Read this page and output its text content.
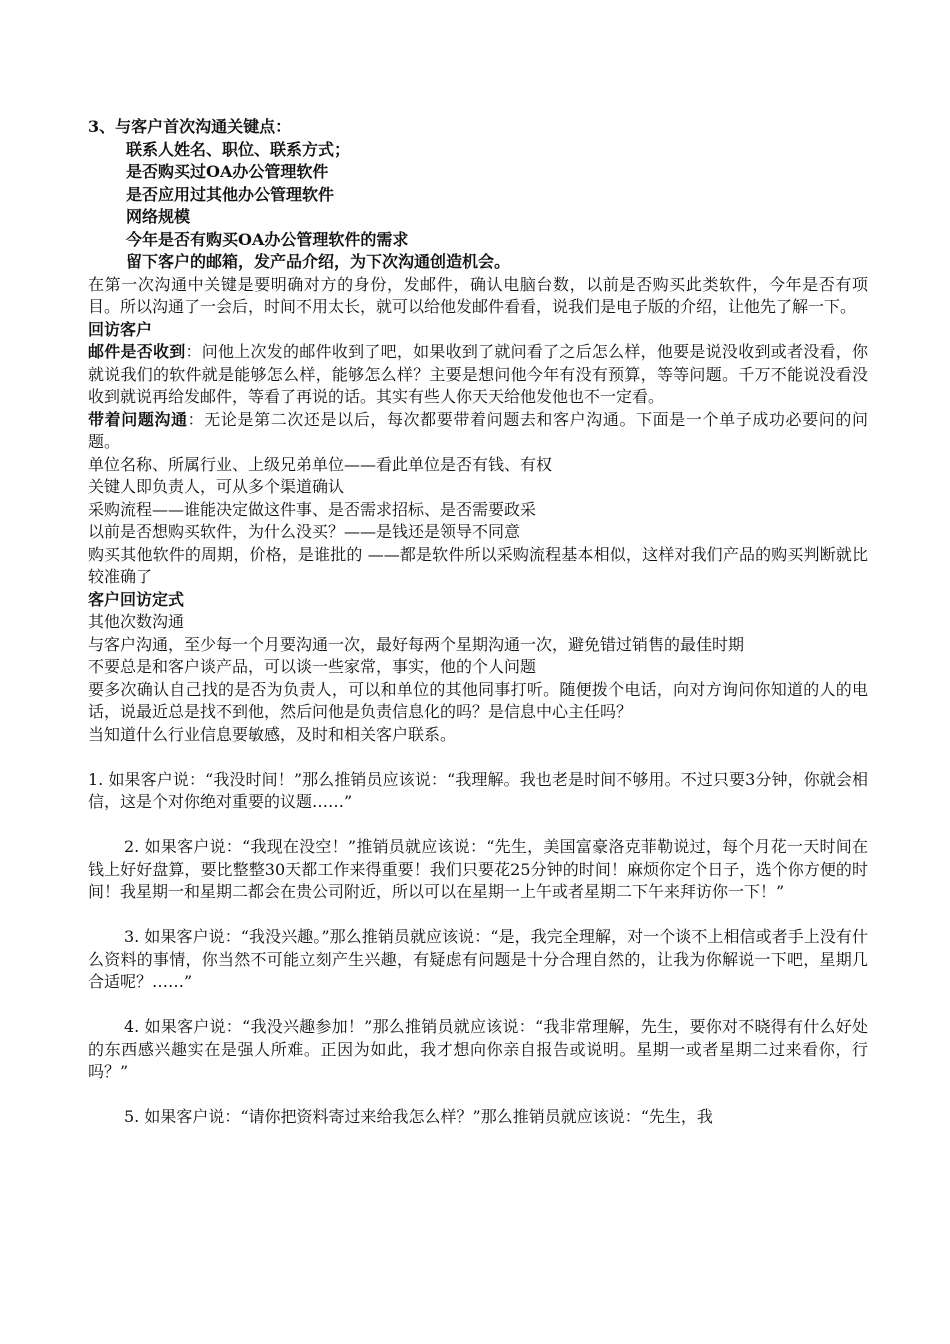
3、与客户首次沟通关键点：
联系人姓名、职位、联系方式；
是否购买过OA办公管理软件
是否应用过其他办公管理软件
网络规模
今年是否有购买OA办公管理软件的需求
留下客户的邮箱，发产品介绍，为下次沟通创造机会。
在第一次沟通中关键是要明确对方的身份，发邮件，确认电脑台数，以前是否购买此类软件，今年是否有项目。所以沟通了一会后，时间不用太长，就可以给他发邮件看看，说我们是电子版的介绍，让他先了解一下。
回访客户
邮件是否收到：问他上次发的邮件收到了吧，如果收到了就问看了之后怎么样，他要是说没收到或者没看，你就说我们的软件就是能够怎么样，能够怎么样？主要是想问他今年有没有预算，等等问题。千万不能说没看没收到就说再给发邮件，等看了再说的话。其实有些人你天天给他发他也不一定看。
带着问题沟通：无论是第二次还是以后，每次都要带着问题去和客户沟通。下面是一个单子成功必要问的问题。
单位名称、所属行业、上级兄弟单位——看此单位是否有钱、有权
关键人即负责人，可从多个渠道确认
采购流程——谁能决定做这件事、是否需求招标、是否需要政采
以前是否想购买软件，为什么没买？——是钱还是领导不同意
购买其他软件的周期，价格，是谁批的 ——都是软件所以采购流程基本相似，这样对我们产品的购买判断就比较准确了
客户回访定式
其他次数沟通
与客户沟通，至少每一个月要沟通一次，最好每两个星期沟通一次，避免错过销售的最佳时期
不要总是和客户谈产品，可以谈一些家常，事实，他的个人问题
要多次确认自己找的是否为负责人，可以和单位的其他同事打听。随便拨个电话，向对方询问你知道的人的电话，说最近总是找不到他，然后问他是负责信息化的吗？是信息中心主任吗？
当知道什么行业信息要敏感，及时和相关客户联系。
1. 如果客户说：“我没时间！”那么推销员应该说：“我理解。我也老是时间不够用。不过只要3分钟，你就会相信，这是个对你绝对重要的议题……”
2. 如果客户说：“我现在没空！”推销员就应该说：“先生，美国富豪洛克菲勒说过，每个月花一天时间在钱上好好盘算，要比整整30天都工作来得重要！我们只要花25分钟的时间！麻烦你定个日子，选个你方便的时间！我星期一和星期二都会在贵公司附近，所以可以在星期一上午或者星期二下午来拜访你一下！”
3. 如果客户说：“我没兴趣。”那么推销员就应该说：“是，我完全理解，对一个谈不上相信或者手上没有什么资料的事情，你当然不可能立刻产生兴趣，有疑虑有问题是十分合理自然的，让我为你解说一下吧，星期几合适呢？……”
4. 如果客户说：“我没兴趣参加！”那么推销员就应该说：“我非常理解，先生，要你对不晓得有什么好处的东西感兴趣实在是强人所难。正因为如此，我才想向你亲自报告或说明。星期一或者星期二过来看你，行吗？”
5. 如果客户说：“请你把资料寄过来给我怎么样？”那么推销员就应该说：“先生，我
